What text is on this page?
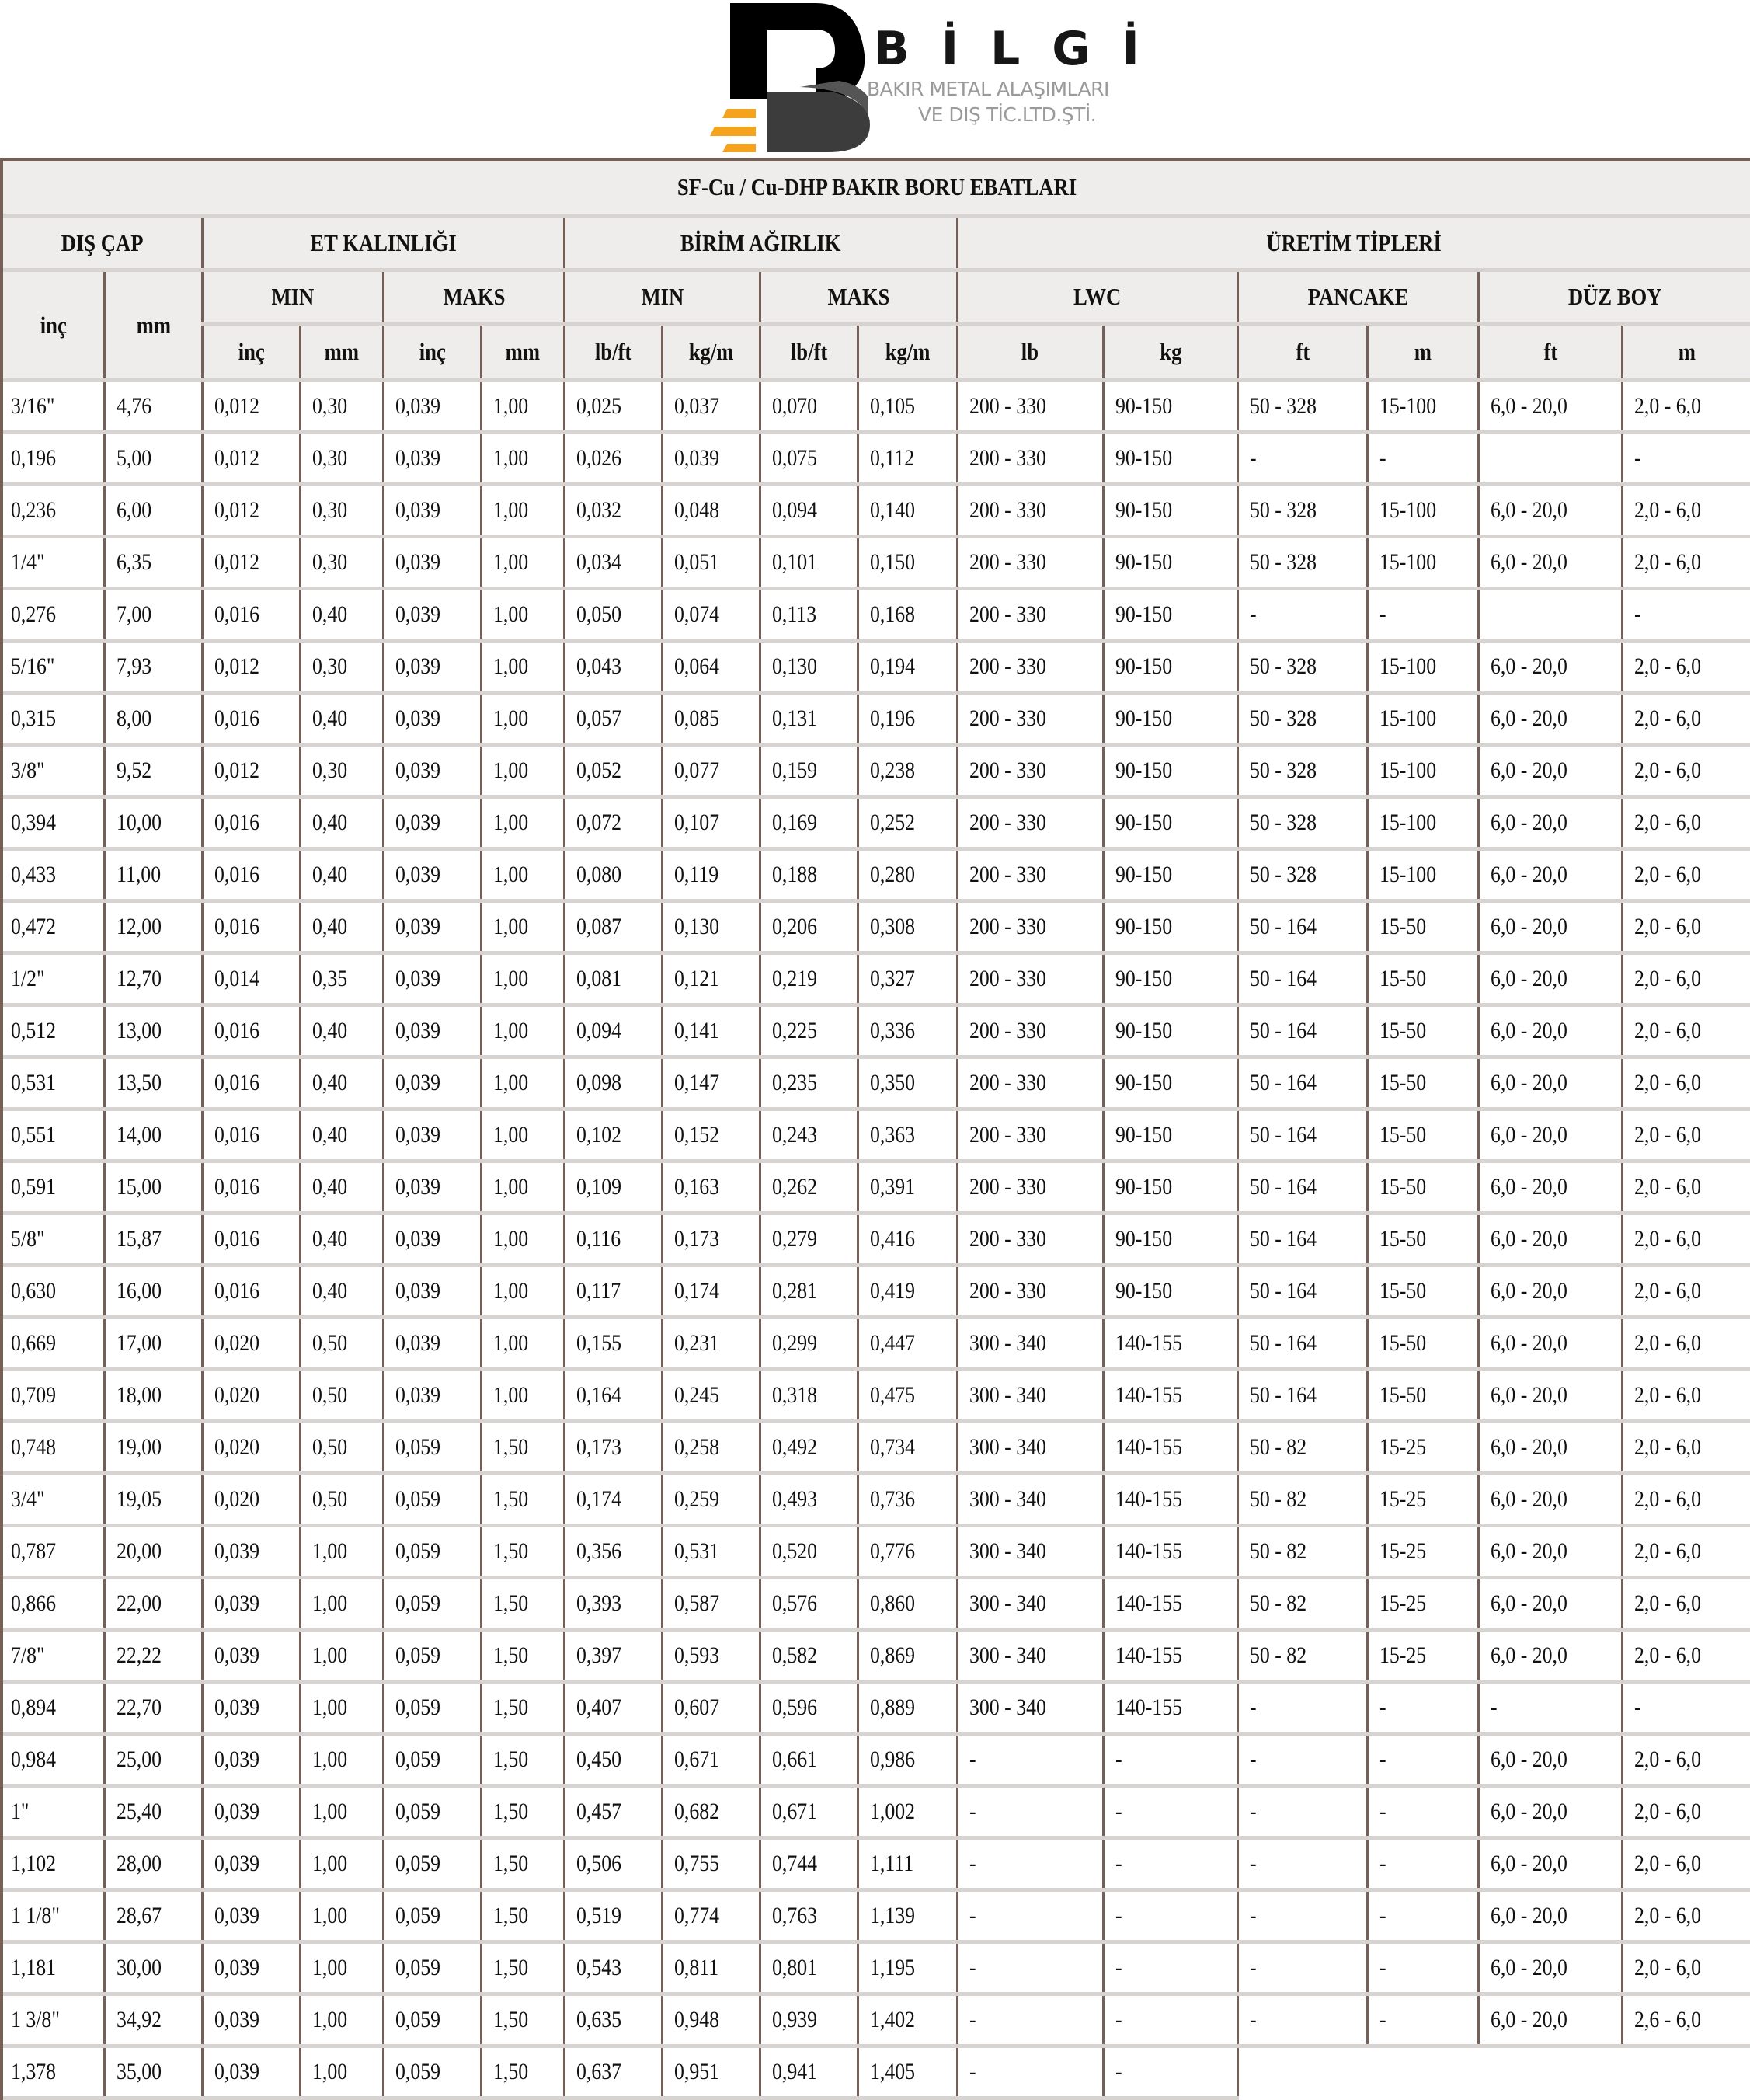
BİLGİ
BAKIR METAL ALAŞIMLARI
VE DIŞ TİC.LTD.ŞTİ.
SF-Cu / Cu-DHP BAKIR BORU EBATLARI															
DIŞ ÇAP		ET KALINLIĞI				BİRİM AĞIRLIK				ÜRETİM TİPLERİ					
inç	mm	MIN		MAKS		MIN		MAKS		LWC		PANCAKE		DÜZ BOY	
		inç	mm	inç	mm	lb/ft	kg/m	lb/ft	kg/m	lb	kg	ft	m	ft	m
3/16"	4,76	0,012	0,30	0,039	1,00	0,025	0,037	0,070	0,105	200 - 330	90-150	50 - 328	15-100	6,0 - 20,0	2,0 - 6,0
0,196	5,00	0,012	0,30	0,039	1,00	0,026	0,039	0,075	0,112	200 - 330	90-150	-	-		-
0,236	6,00	0,012	0,30	0,039	1,00	0,032	0,048	0,094	0,140	200 - 330	90-150	50 - 328	15-100	6,0 - 20,0	2,0 - 6,0
1/4"	6,35	0,012	0,30	0,039	1,00	0,034	0,051	0,101	0,150	200 - 330	90-150	50 - 328	15-100	6,0 - 20,0	2,0 - 6,0
0,276	7,00	0,016	0,40	0,039	1,00	0,050	0,074	0,113	0,168	200 - 330	90-150	-	-		-
5/16"	7,93	0,012	0,30	0,039	1,00	0,043	0,064	0,130	0,194	200 - 330	90-150	50 - 328	15-100	6,0 - 20,0	2,0 - 6,0
0,315	8,00	0,016	0,40	0,039	1,00	0,057	0,085	0,131	0,196	200 - 330	90-150	50 - 328	15-100	6,0 - 20,0	2,0 - 6,0
3/8"	9,52	0,012	0,30	0,039	1,00	0,052	0,077	0,159	0,238	200 - 330	90-150	50 - 328	15-100	6,0 - 20,0	2,0 - 6,0
0,394	10,00	0,016	0,40	0,039	1,00	0,072	0,107	0,169	0,252	200 - 330	90-150	50 - 328	15-100	6,0 - 20,0	2,0 - 6,0
0,433	11,00	0,016	0,40	0,039	1,00	0,080	0,119	0,188	0,280	200 - 330	90-150	50 - 328	15-100	6,0 - 20,0	2,0 - 6,0
0,472	12,00	0,016	0,40	0,039	1,00	0,087	0,130	0,206	0,308	200 - 330	90-150	50 - 164	15-50	6,0 - 20,0	2,0 - 6,0
1/2"	12,70	0,014	0,35	0,039	1,00	0,081	0,121	0,219	0,327	200 - 330	90-150	50 - 164	15-50	6,0 - 20,0	2,0 - 6,0
0,512	13,00	0,016	0,40	0,039	1,00	0,094	0,141	0,225	0,336	200 - 330	90-150	50 - 164	15-50	6,0 - 20,0	2,0 - 6,0
0,531	13,50	0,016	0,40	0,039	1,00	0,098	0,147	0,235	0,350	200 - 330	90-150	50 - 164	15-50	6,0 - 20,0	2,0 - 6,0
0,551	14,00	0,016	0,40	0,039	1,00	0,102	0,152	0,243	0,363	200 - 330	90-150	50 - 164	15-50	6,0 - 20,0	2,0 - 6,0
0,591	15,00	0,016	0,40	0,039	1,00	0,109	0,163	0,262	0,391	200 - 330	90-150	50 - 164	15-50	6,0 - 20,0	2,0 - 6,0
5/8"	15,87	0,016	0,40	0,039	1,00	0,116	0,173	0,279	0,416	200 - 330	90-150	50 - 164	15-50	6,0 - 20,0	2,0 - 6,0
0,630	16,00	0,016	0,40	0,039	1,00	0,117	0,174	0,281	0,419	200 - 330	90-150	50 - 164	15-50	6,0 - 20,0	2,0 - 6,0
0,669	17,00	0,020	0,50	0,039	1,00	0,155	0,231	0,299	0,447	300 - 340	140-155	50 - 164	15-50	6,0 - 20,0	2,0 - 6,0
0,709	18,00	0,020	0,50	0,039	1,00	0,164	0,245	0,318	0,475	300 - 340	140-155	50 - 164	15-50	6,0 - 20,0	2,0 - 6,0
0,748	19,00	0,020	0,50	0,059	1,50	0,173	0,258	0,492	0,734	300 - 340	140-155	50 - 82	15-25	6,0 - 20,0	2,0 - 6,0
3/4"	19,05	0,020	0,50	0,059	1,50	0,174	0,259	0,493	0,736	300 - 340	140-155	50 - 82	15-25	6,0 - 20,0	2,0 - 6,0
0,787	20,00	0,039	1,00	0,059	1,50	0,356	0,531	0,520	0,776	300 - 340	140-155	50 - 82	15-25	6,0 - 20,0	2,0 - 6,0
0,866	22,00	0,039	1,00	0,059	1,50	0,393	0,587	0,576	0,860	300 - 340	140-155	50 - 82	15-25	6,0 - 20,0	2,0 - 6,0
7/8"	22,22	0,039	1,00	0,059	1,50	0,397	0,593	0,582	0,869	300 - 340	140-155	50 - 82	15-25	6,0 - 20,0	2,0 - 6,0
0,894	22,70	0,039	1,00	0,059	1,50	0,407	0,607	0,596	0,889	300 - 340	140-155	-	-	-	-
0,984	25,00	0,039	1,00	0,059	1,50	0,450	0,671	0,661	0,986	-	-	-	-	6,0 - 20,0	2,0 - 6,0
1"	25,40	0,039	1,00	0,059	1,50	0,457	0,682	0,671	1,002	-	-	-	-	6,0 - 20,0	2,0 - 6,0
1,102	28,00	0,039	1,00	0,059	1,50	0,506	0,755	0,744	1,111	-	-	-	-	6,0 - 20,0	2,0 - 6,0
1 1/8"	28,67	0,039	1,00	0,059	1,50	0,519	0,774	0,763	1,139	-	-	-	-	6,0 - 20,0	2,0 - 6,0
1,181	30,00	0,039	1,00	0,059	1,50	0,543	0,811	0,801	1,195	-	-	-	-	6,0 - 20,0	2,0 - 6,0
1 3/8"	34,92	0,039	1,00	0,059	1,50	0,635	0,948	0,939	1,402	-	-	-	-	6,0 - 20,0	2,6 - 6,0
1,378	35,00	0,039	1,00	0,059	1,50	0,637	0,951	0,941	1,405	-	-				
